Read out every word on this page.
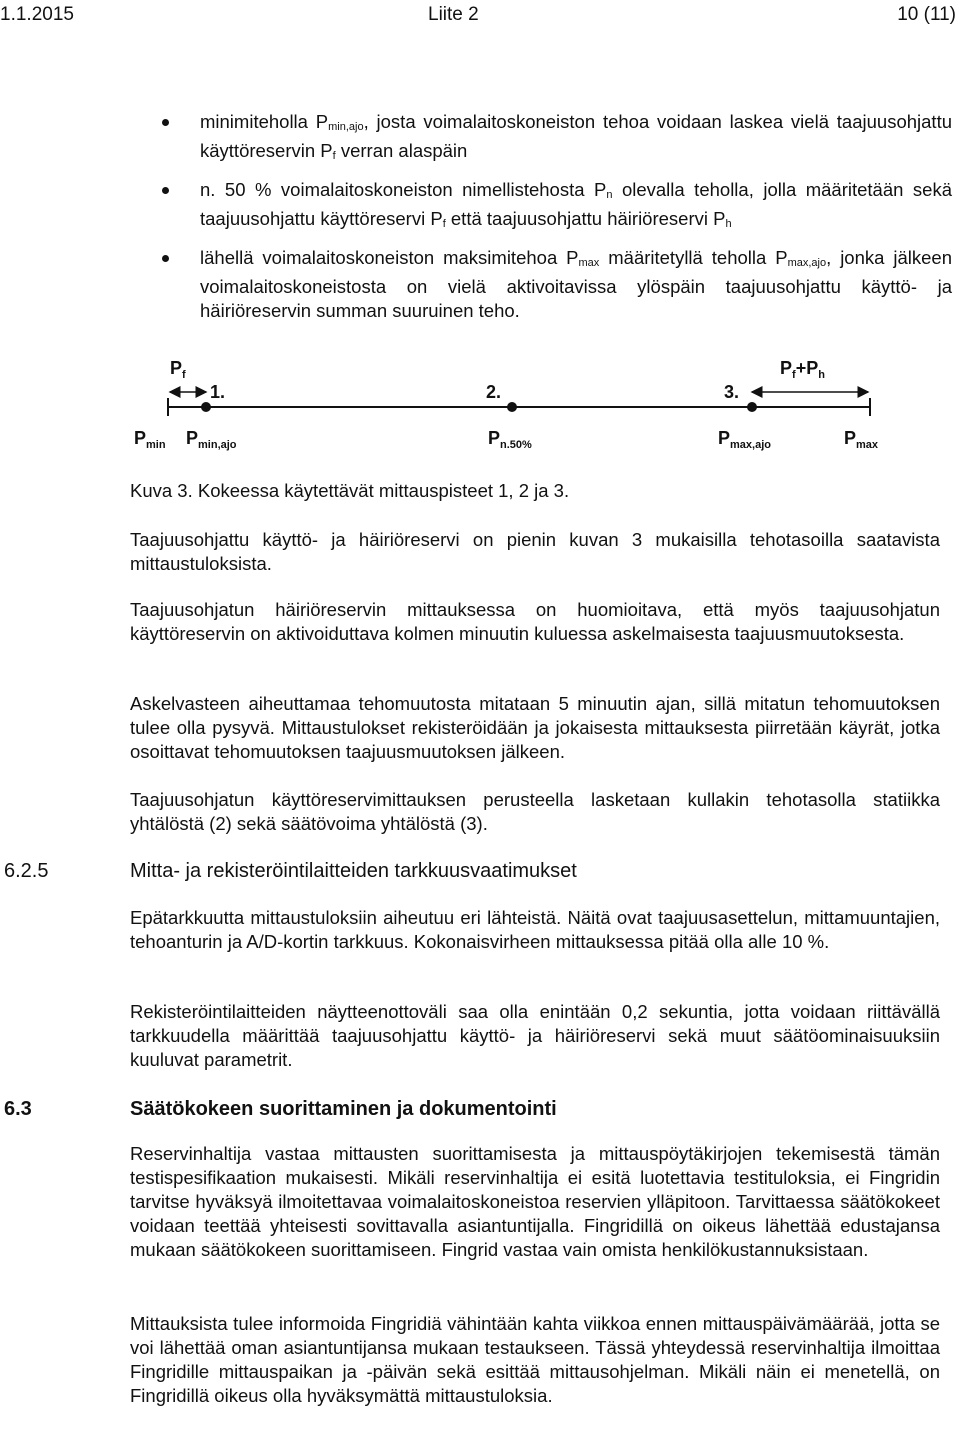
1.1.2015	Liite 2	10 (11)
minimiteholla $P_{min,ajo}$, josta voimalaitoskoneiston tehoa voidaan laskea vielä taajuusohjattu käyttöreservin $P_f$ verran alaspäin
n. 50 % voimalaitoskoneiston nimellistehosta $P_n$ olevalla teholla, jolla määritetään sekä taajuusohjattu käyttöreservi $P_f$ että taajuusohjattu häiriöreservi $P_h$
lähellä voimalaitoskoneiston maksimitehoa $P_{max}$ määritetyllä teholla $P_{max,ajo}$, jonka jälkeen voimalaitoskoneistosta on vielä aktivoitavissa ylöspäin taajuusohjattu käyttö- ja häiriöreservin summan suuruinen teho.
$P_f$	$P_f+P_h$
1.	2.	3.
$P_{min}$ $P_{min,ajo}$	$P_{n.50\%}$	$P_{max,ajo}$	$P_{max}$
Kuva 3. Kokeessa käytettävät mittauspisteet 1, 2 ja 3.

Taajuusohjattu käyttö- ja häiriöreservi on pienin kuvan 3 mukaisilla tehotasoilla saatavista mittaustuloksista.

Taajuusohjatun häiriöreservin mittauksessa on huomioitava, että myös taajuusohjatun käyttöreservin on aktivoiduttava kolmen minuutin kuluessa askelmaisesta taajuusmuutoksesta.

Askelvasteen aiheuttamaa tehomuutosta mitataan 5 minuutin ajan, sillä mitatun tehomuutoksen tulee olla pysyvä. Mittaustulokset rekisteröidään ja jokaisesta mittauksesta piirretään käyrät, jotka osoittavat tehomuutoksen taajuusmuutoksen jälkeen.

Taajuusohjatun käyttöreservimittauksen perusteella lasketaan kullakin tehotasolla statiikka yhtälöstä (2) sekä säätövoima yhtälöstä (3).

6.2.5	Mitta- ja rekisteröintilaitteiden tarkkuusvaatimukset

Epätarkkuutta mittaustuloksiin aiheutuu eri lähteistä. Näitä ovat taajuusasettelun, mittamuuntajien, tehoanturin ja A/D-kortin tarkkuus. Kokonaisvirheen mittauksessa pitää olla alle 10 %.

Rekisteröintilaitteiden näytteenottoväli saa olla enintään 0,2 sekuntia, jotta voidaan riittävällä tarkkuudella määrittää taajuusohjattu käyttö- ja häiriöreservi sekä muut säätöominaisuuksiin kuuluvat parametrit.

6.3	Säätökokeen suorittaminen ja dokumentointi

Reservinhaltija vastaa mittausten suorittamisesta ja mittauspöytäkirjojen tekemisestä tämän testispesifikaation mukaisesti. Mikäli reservinhaltija ei esitä luotettavia testituloksia, ei Fingridin tarvitse hyväksyä ilmoitettavaa voimalaitoskoneistoa reservien ylläpitoon. Tarvittaessa säätökokeet voidaan teettää yhteisesti sovittavalla asiantuntijalla. Fingridillä on oikeus lähettää edustajansa mukaan säätökokeen suorittamiseen. Fingrid vastaa vain omista henkilökustannuksistaan.

Mittauksista tulee informoida Fingridiä vähintään kahta viikkoa ennen mittauspäivämäärää, jotta se voi lähettää oman asiantuntijansa mukaan testaukseen. Tässä yhteydessä reservinhaltija ilmoittaa Fingridille mittauspaikan ja -päivän sekä esittää mittausohjelman. Mikäli näin ei menetellä, on Fingridillä oikeus olla hyväksymättä mittaustuloksia.
